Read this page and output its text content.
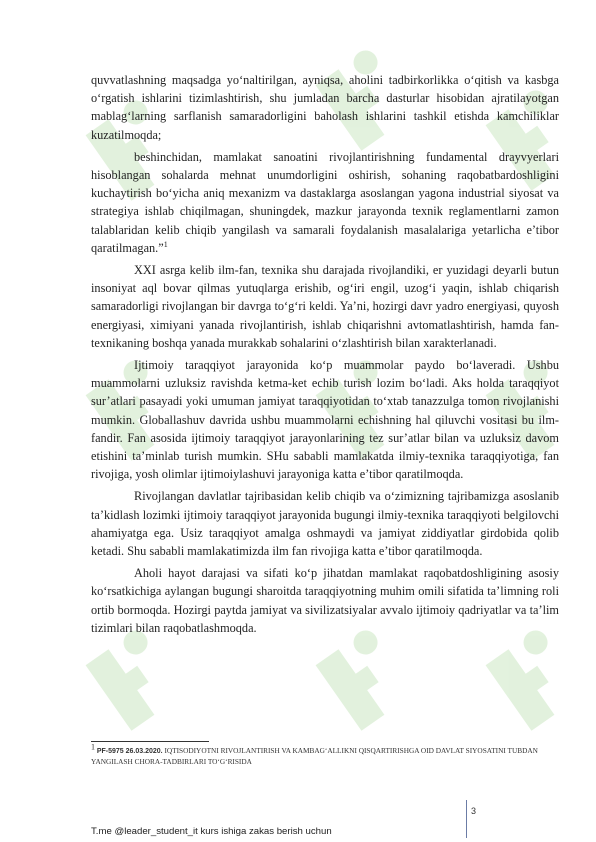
quvvatlashning maqsadga yo‘naltirilgan, ayniqsa, aholini tadbirkorlikka o‘qitish va kasbga o‘rgatish ishlarini tizimlashtirish, shu jumladan barcha dasturlar hisobidan ajratilayotgan mablag‘larning sarflanish samaradorligini baholash ishlarini tashkil etishda kamchiliklar kuzatilmoqda;

beshinchidan, mamlakat sanoatini rivojlantirishning fundamental drayvyerlari hisoblangan sohalarda mehnat unumdorligini oshirish, sohaning raqobatbardoshligini kuchaytirish bo‘yicha aniq mexanizm va dastaklarga asoslangan yagona industrial siyosat va strategiya ishlab chiqilmagan, shuningdek, mazkur jarayonda texnik reglamentlarni zamon talablaridan kelib chiqib yangilash va samarali foydalanish masalalariga yetarlicha e’tibor qaratilmagan.”$^1$

XXI asrga kelib ilm-fan, texnika shu darajada rivojlandiki, er yuzidagi deyarli butun insoniyat aql bovar qilmas yutuqlarga erishib, og‘iri engil, uzog‘i yaqin, ishlab chiqarish samaradorligi rivojlangan bir davrga to‘g‘ri keldi. Ya’ni, hozirgi davr yadro energiyasi, quyosh energiyasi, ximiyani yanada rivojlantirish, ishlab chiqarishni avtomatlashtirish, hamda fan- texnikaning boshqa yanada murakkab sohalarini o‘zlashtirish bilan xarakterlanadi.

Ijtimoiy taraqqiyot jarayonida ko‘p muammolar paydo bo‘laveradi. Ushbu muammolarni uzluksiz ravishda ketma-ket echib turish lozim bo‘ladi. Aks holda taraqqiyot sur’atlari pasayadi yoki umuman jamiyat taraqqiyotidan to‘xtab tanazzulga tomon rivojlanishi mumkin. Globallashuv davrida ushbu muammolarni echishning hal qiluvchi vositasi bu ilm-fandir. Fan asosida ijtimoiy taraqqiyot jarayonlarining tez sur’atlar bilan va uzluksiz davom etishini ta’minlab turish mumkin. SHu sababli mamlakatda ilmiy-texnika taraqqiyotiga, fan rivojiga, yosh olimlar ijtimoiylashuvi jarayoniga katta e’tibor qaratilmoqda.

Rivojlangan davlatlar tajribasidan kelib chiqib va o‘zimizning tajribamizga asoslanib ta’kidlash lozimki ijtimoiy taraqqiyot jarayonida bugungi ilmiy-texnika taraqqiyoti belgilovchi ahamiyatga ega. Usiz taraqqiyot amalga oshmaydi va jamiyat ziddiyatlar girdobida qolib ketadi. Shu sababli mamlakatimizda ilm fan rivojiga katta e’tibor qaratilmoqda.

Aholi hayot darajasi va sifati ko‘p jihatdan mamlakat raqobatdoshligining asosiy ko‘rsatkichiga aylangan bugungi sharoitda taraqqiyotning muhim omili sifatida ta’limning roli ortib bormoqda. Hozirgi paytda jamiyat va sivilizatsiyalar avvalo ijtimoiy qadriyatlar va ta’lim tizimlari bilan raqobatlashmoqda.

$^1$ PF-5975 26.03.2020. IQTISODIYOTNI RIVOJLANTIRISH VA KAMBAG‘ALLIKNI QISQARTIRISHGA OID DAVLAT SIYOSATINI TUBDAN YANGILASH CHORA-TADBIRLARI TO‘G‘RISIDA
3
T.me @leader_student_it kurs ishiga zakas berish uchun
